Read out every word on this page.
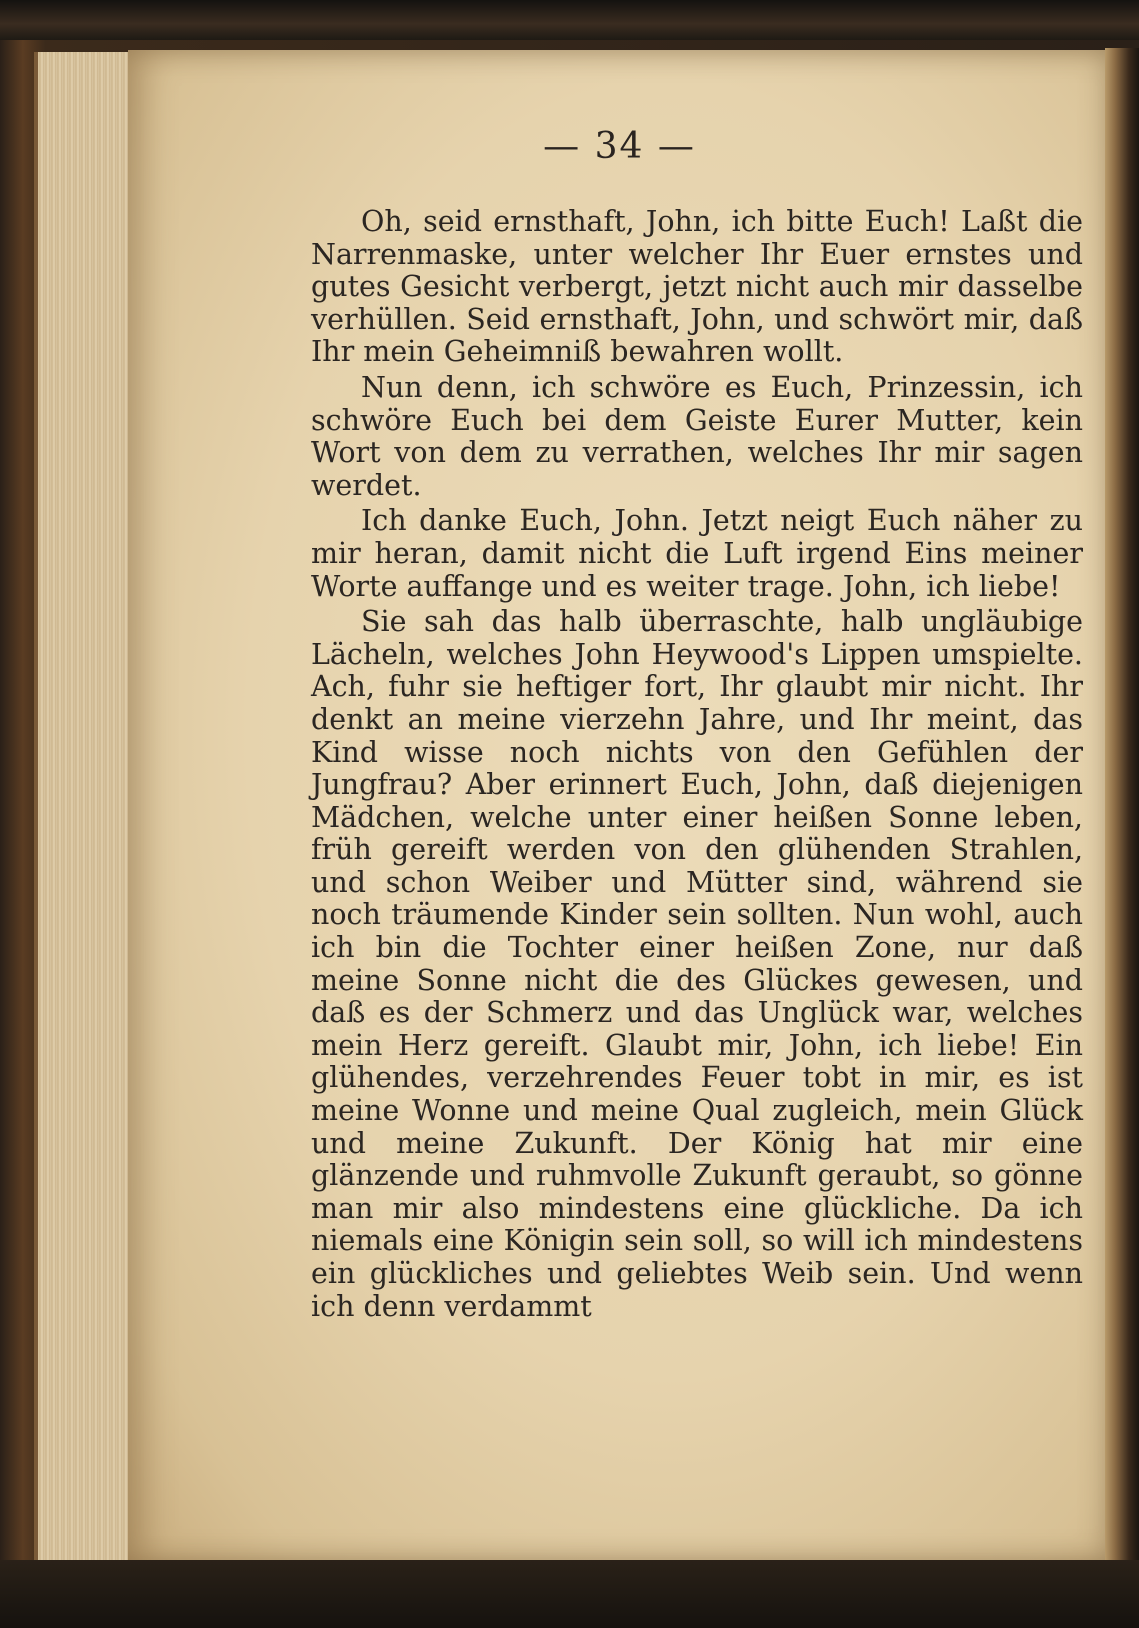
— 34 —

Oh, seid ernsthaft, John, ich bitte Euch! Laßt die Narrenmaske, unter welcher Ihr Euer ernstes und gutes Gesicht verbergt, jetzt nicht auch mir dasselbe verhüllen. Seid ernsthaft, John, und schwört mir, daß Ihr mein Geheimniß bewahren wollt.

Nun denn, ich schwöre es Euch, Prinzessin, ich schwöre Euch bei dem Geiste Eurer Mutter, kein Wort von dem zu verrathen, welches Ihr mir sagen werdet.

Ich danke Euch, John. Jetzt neigt Euch näher zu mir heran, damit nicht die Luft irgend Eins meiner Worte auffange und es weiter trage. John, ich liebe!

Sie sah das halb überraschte, halb ungläubige Lächeln, welches John Heywood's Lippen umspielte. Ach, fuhr sie heftiger fort, Ihr glaubt mir nicht. Ihr denkt an meine vierzehn Jahre, und Ihr meint, das Kind wisse noch nichts von den Gefühlen der Jungfrau? Aber erinnert Euch, John, daß diejenigen Mädchen, welche unter einer heißen Sonne leben, früh gereift werden von den glühenden Strahlen, und schon Weiber und Mütter sind, während sie noch träumende Kinder sein sollten. Nun wohl, auch ich bin die Tochter einer heißen Zone, nur daß meine Sonne nicht die des Glückes gewesen, und daß es der Schmerz und das Unglück war, welches mein Herz gereift. Glaubt mir, John, ich liebe! Ein glühendes, verzehrendes Feuer tobt in mir, es ist meine Wonne und meine Qual zugleich, mein Glück und meine Zukunft. Der König hat mir eine glänzende und ruhmvolle Zukunft geraubt, so gönne man mir also mindestens eine glückliche. Da ich niemals eine Königin sein soll, so will ich mindestens ein glückliches und geliebtes Weib sein. Und wenn ich denn verdammt
